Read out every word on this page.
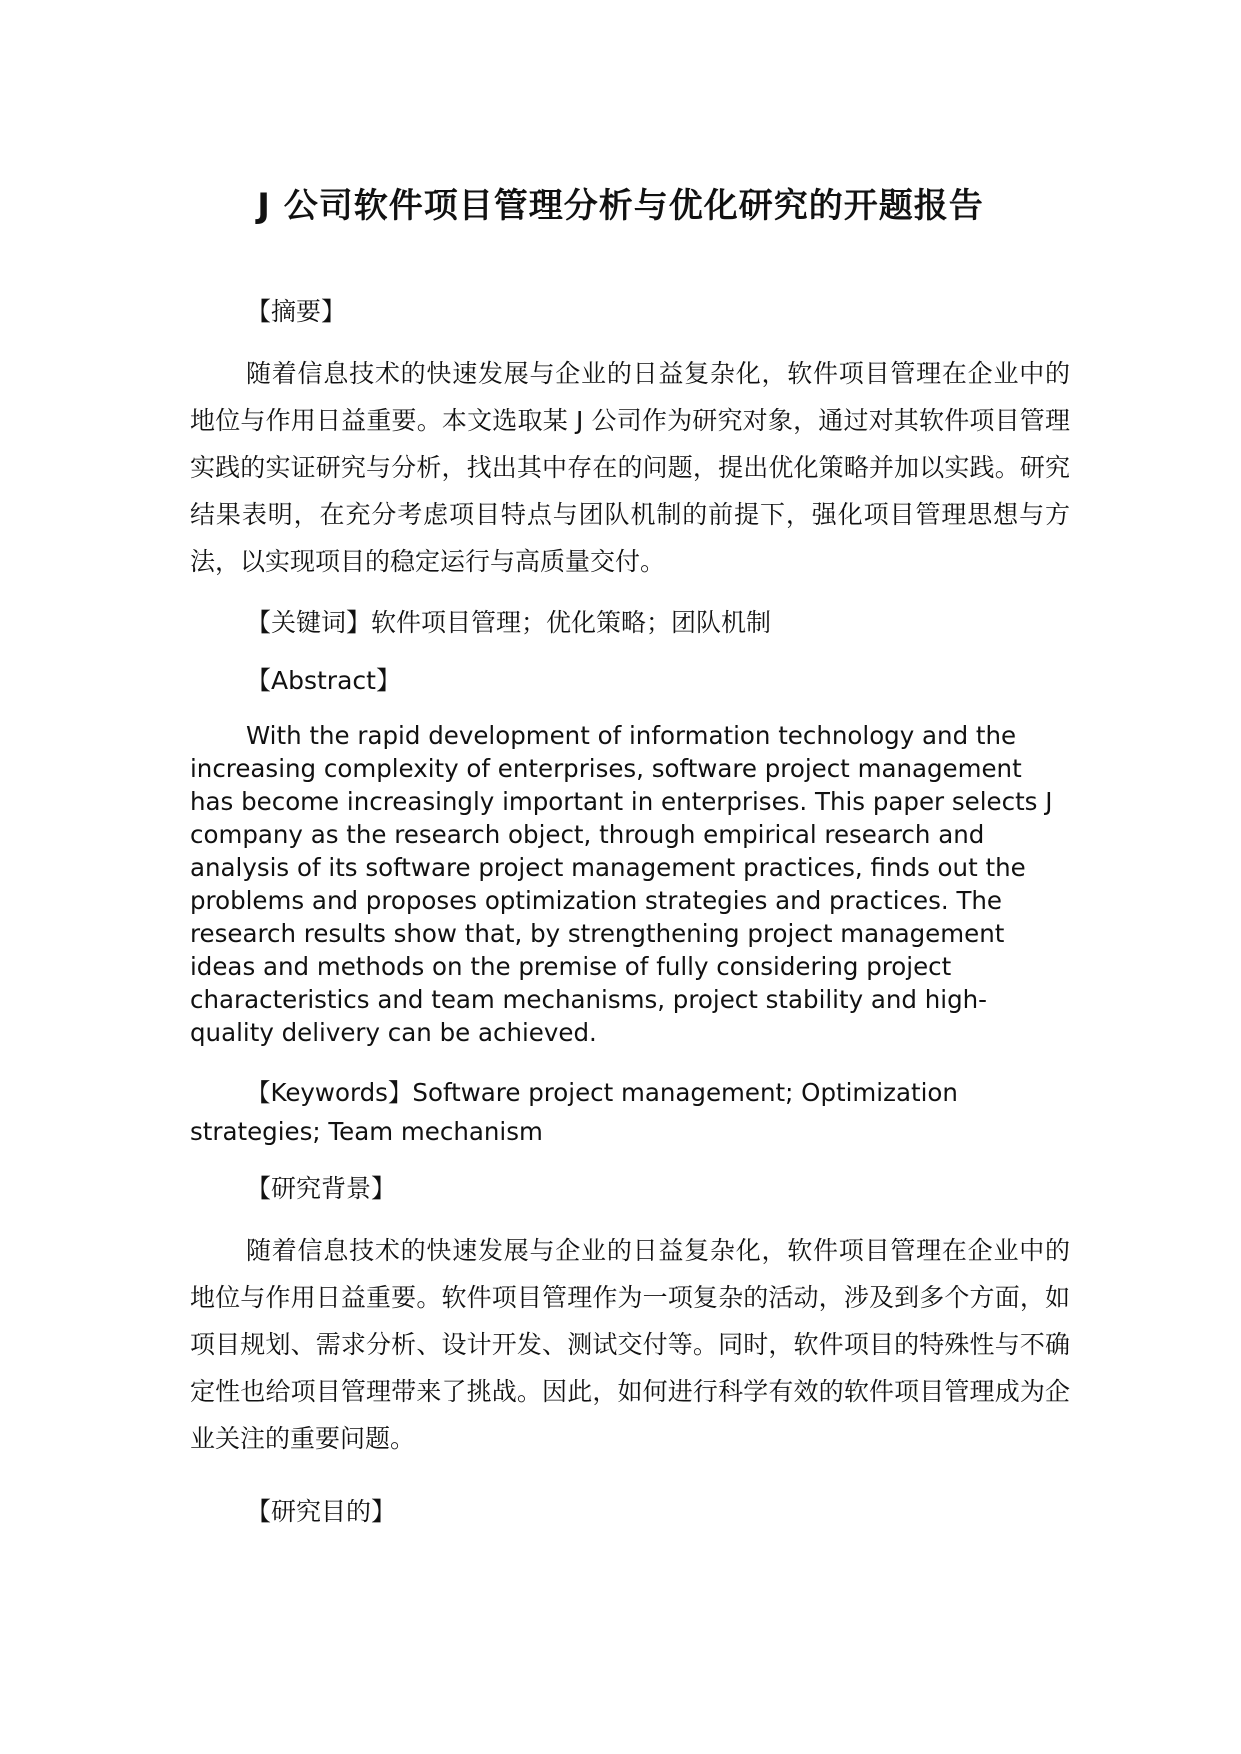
J 公司软件项目管理分析与优化研究的开题报告

【摘要】

随着信息技术的快速发展与企业的日益复杂化，软件项目管理在企业中的地位与作用日益重要。本文选取某 J 公司作为研究对象，通过对其软件项目管理实践的实证研究与分析，找出其中存在的问题，提出优化策略并加以实践。研究结果表明，在充分考虑项目特点与团队机制的前提下，强化项目管理思想与方法，以实现项目的稳定运行与高质量交付。

【关键词】软件项目管理；优化策略；团队机制

【Abstract】

With the rapid development of information technology and the increasing complexity of enterprises, software project management has become increasingly important in enterprises. This paper selects J company as the research object, through empirical research and analysis of its software project management practices, finds out the problems and proposes optimization strategies and practices. The research results show that, by strengthening project management ideas and methods on the premise of fully considering project characteristics and team mechanisms, project stability and high-quality delivery can be achieved.

【Keywords】Software project management; Optimization strategies; Team mechanism

【研究背景】

随着信息技术的快速发展与企业的日益复杂化，软件项目管理在企业中的地位与作用日益重要。软件项目管理作为一项复杂的活动，涉及到多个方面，如项目规划、需求分析、设计开发、测试交付等。同时，软件项目的特殊性与不确定性也给项目管理带来了挑战。因此，如何进行科学有效的软件项目管理成为企业关注的重要问题。

【研究目的】
